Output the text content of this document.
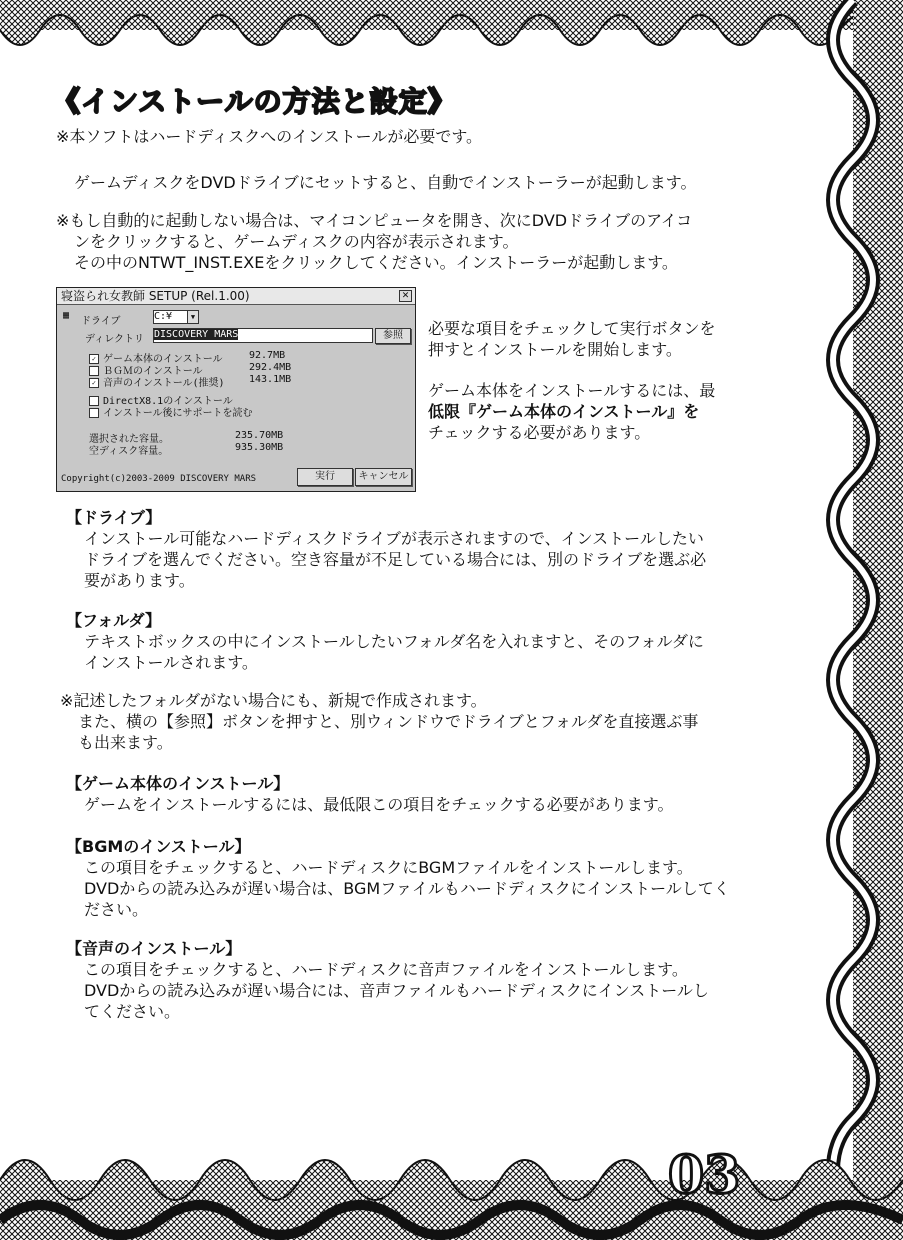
《インストールの方法と設定》
※本ソフトはハードディスクへのインストールが必要です。
ゲームディスクをDVDドライブにセットすると、自動でインストーラーが起動します。
※もし自動的に起動しない場合は、マイコンピュータを開き、次にDVDドライブのアイコ
ンをクリックすると、ゲームディスクの内容が表示されます。
その中のNTWT_INST.EXEをクリックしてください。インストーラーが起動します。
寝盗られ女教師 SETUP (Rel.1.00)	✕
▦
ドライブ	C:¥	▼
ディレクトリ DISCOVERY MARS	参照
✓ ゲーム本体のインストール	92.7MB
ＢＧＭのインストール	292.4MB
✓ 音声のインストール(推奨) 143.1MB
DirectX8.1のインストール
インストール後にサポートを読む
選択された容量。	235.70MB
空ディスク容量。	935.30MB
Copyright(c)2003-2009 DISCOVERY MARS	実行	キャンセル
必要な項目をチェックして実行ボタンを
押すとインストールを開始します。
ゲーム本体をインストールするには、最
低限『ゲーム本体のインストール』を
チェックする必要があります。
【ドライブ】
インストール可能なハードディスクドライブが表示されますので、インストールしたい
ドライブを選んでください。空き容量が不足している場合には、別のドライブを選ぶ必
要があります。
【フォルダ】
テキストボックスの中にインストールしたいフォルダ名を入れますと、そのフォルダに
インストールされます。
※記述したフォルダがない場合にも、新規で作成されます。
また、横の【参照】ボタンを押すと、別ウィンドウでドライブとフォルダを直接選ぶ事
も出来ます。
【ゲーム本体のインストール】
ゲームをインストールするには、最低限この項目をチェックする必要があります。
【BGMのインストール】
この項目をチェックすると、ハードディスクにBGMファイルをインストールします。
DVDからの読み込みが遅い場合は、BGMファイルもハードディスクにインストールしてく
ださい。
【音声のインストール】
この項目をチェックすると、ハードディスクに音声ファイルをインストールします。
DVDからの読み込みが遅い場合には、音声ファイルもハードディスクにインストールし
てください。
03
